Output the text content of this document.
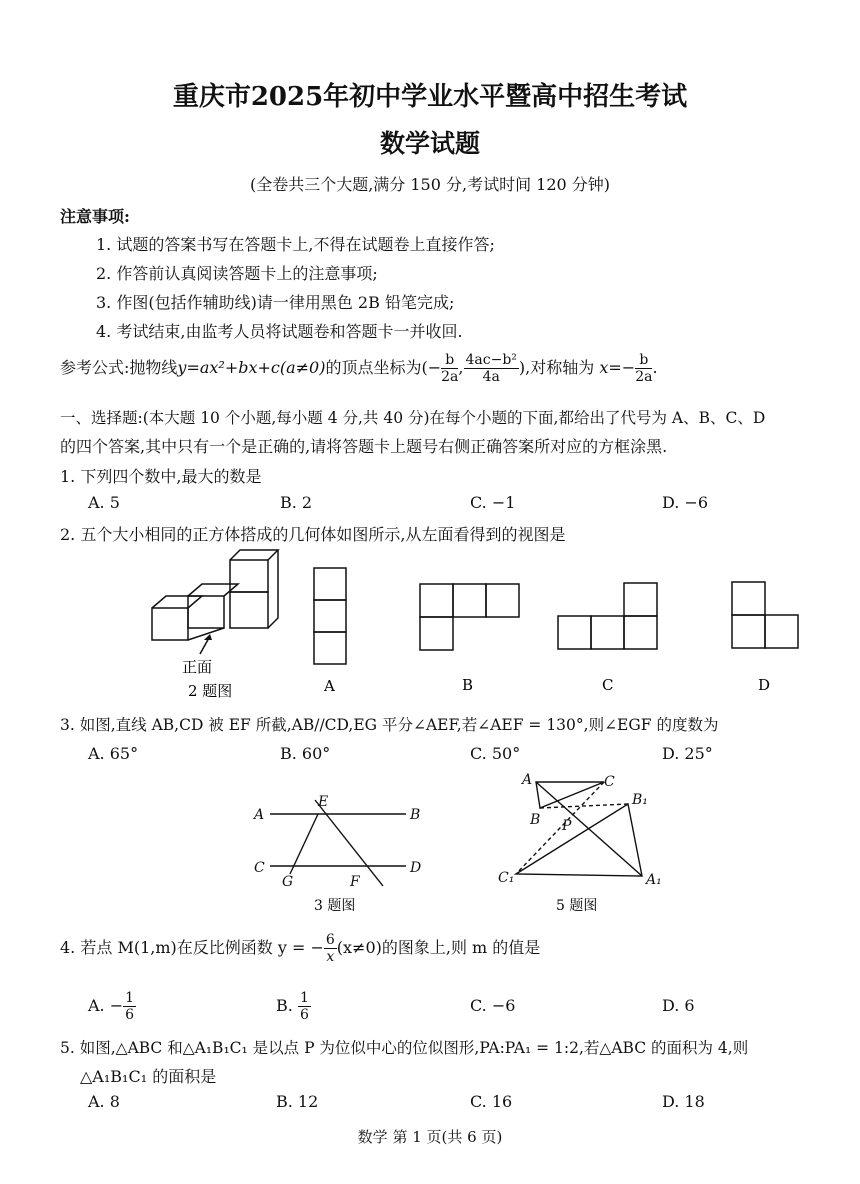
重庆市2025年初中学业水平暨高中招生考试
数学试题
(全卷共三个大题,满分 150 分,考试时间 120 分钟)
注意事项:
1. 试题的答案书写在答题卡上,不得在试题卷上直接作答;
2. 作答前认真阅读答题卡上的注意事项;
3. 作图(包括作辅助线)请一律用黑色 2B 铅笔完成;
4. 考试结束,由监考人员将试题卷和答题卡一并收回.
参考公式:抛物线y=ax²+bx+c(a≠0)的顶点坐标为(− $\frac{b}{2a}$ , $\frac{\text{4ac−b²}}{4a}$ ),对称轴为 $x=- \frac{b}{2a}$ .
一、选择题:(本大题 10 个小题,每小题 4 分,共 40 分)在每个小题的下面,都给出了代号为 A、B、C、D
的四个答案,其中只有一个是正确的,请将答题卡上题号右侧正确答案所对应的方框涂黑.
1. 下列四个数中,最大的数是
A. 5	B. 2	C. −1	D. −6
2. 五个大小相同的正方体搭成的几何体如图所示,从左面看得到的视图是
正面
2 题图	A	B	C	D
3. 如图,直线 AB,CD 被 EF 所截,AB//CD,EG 平分∠AEF,若∠AEF = 130°,则∠EGF 的度数为
A. 65°	B. 60°	C. 50°	D. 25°
A	B
C	D
E
F
G
3 题图
A	C
B P
B₁
C₁	A₁
5 题图
4. 若点 M(1,m)在反比例函数 y = − $\frac{6}{x} (x\ne 0)$的图象上,则 m 的值是
A. − $\frac{1}{6}$	B. $\frac{1}{6}$	C. −6	D. 6
5. 如图,△ABC 和△A₁B₁C₁ 是以点 P 为位似中心的位似图形,PA:PA₁ = 1:2,若△ABC 的面积为 4,则
△A₁B₁C₁ 的面积是
A. 8	B. 12	C. 16	D. 18
数学 第 1 页(共 6 页)
